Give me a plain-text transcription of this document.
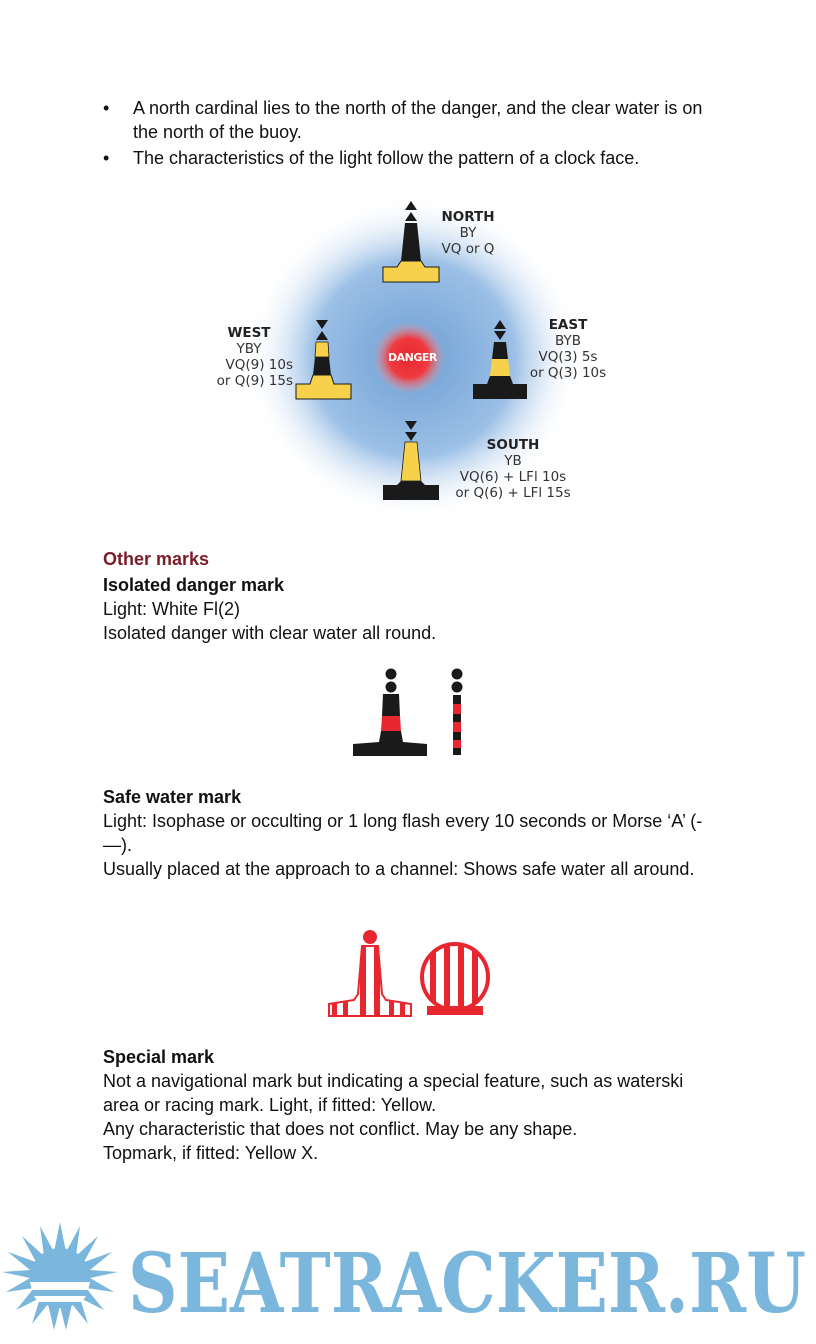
• A north cardinal lies to the north of the danger, and the clear water is on the north of the buoy.
• The characteristics of the light follow the pattern of a clock face.
NORTH
BY
VQ or Q
EAST
BYB
VQ(3) 5s
or Q(3) 10s
WEST
YBY
VQ(9) 10s
or Q(9) 15s
SOUTH
YB
VQ(6) + LFl 10s
or Q(6) + LFl 15s
DANGER
Other marks

Isolated danger mark

Light: White Fl(2)

Isolated danger with clear water all round.

Safe water mark

Light: Isophase or occulting or 1 long flash every 10 seconds or Morse ‘A’ (- —).

Usually placed at the approach to a channel: Shows safe water all around.

Special mark

Not a navigational mark but indicating a special feature, such as waterski area or racing mark. Light, if fitted: Yellow.

Any characteristic that does not conflict. May be any shape.

Topmark, if fitted: Yellow X.

SEATRACKER.RU
